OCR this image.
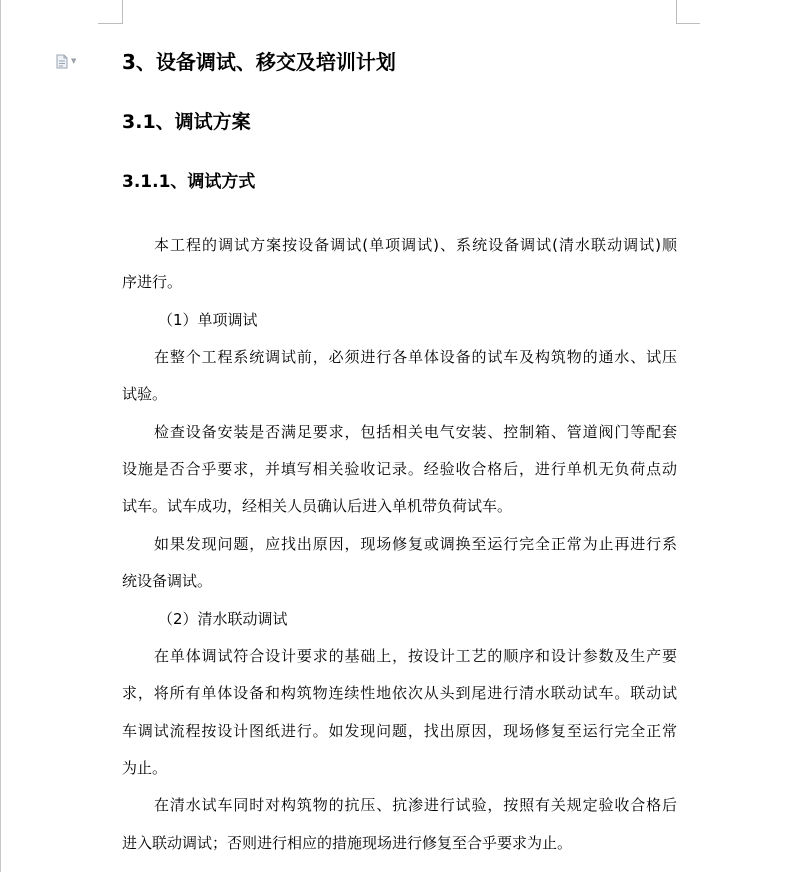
▼ 3、设备调试、移交及培训计划
3.1、调试方案
3.1.1、调试方式
本工程的调试方案按设备调试(单项调试)、系统设备调试(清水联动调试)顺
序进行。
（1）单项调试
在整个工程系统调试前，必须进行各单体设备的试车及构筑物的通水、试压
试验。
检查设备安装是否满足要求，包括相关电气安装、控制箱、管道阀门等配套
设施是否合乎要求，并填写相关验收记录。经验收合格后，进行单机无负荷点动
试车。试车成功，经相关人员确认后进入单机带负荷试车。
如果发现问题，应找出原因，现场修复或调换至运行完全正常为止再进行系
统设备调试。
（2）清水联动调试
在单体调试符合设计要求的基础上，按设计工艺的顺序和设计参数及生产要
求，将所有单体设备和构筑物连续性地依次从头到尾进行清水联动试车。联动试
车调试流程按设计图纸进行。如发现问题，找出原因，现场修复至运行完全正常
为止。
在清水试车同时对构筑物的抗压、抗渗进行试验，按照有关规定验收合格后
进入联动调试；否则进行相应的措施现场进行修复至合乎要求为止。
